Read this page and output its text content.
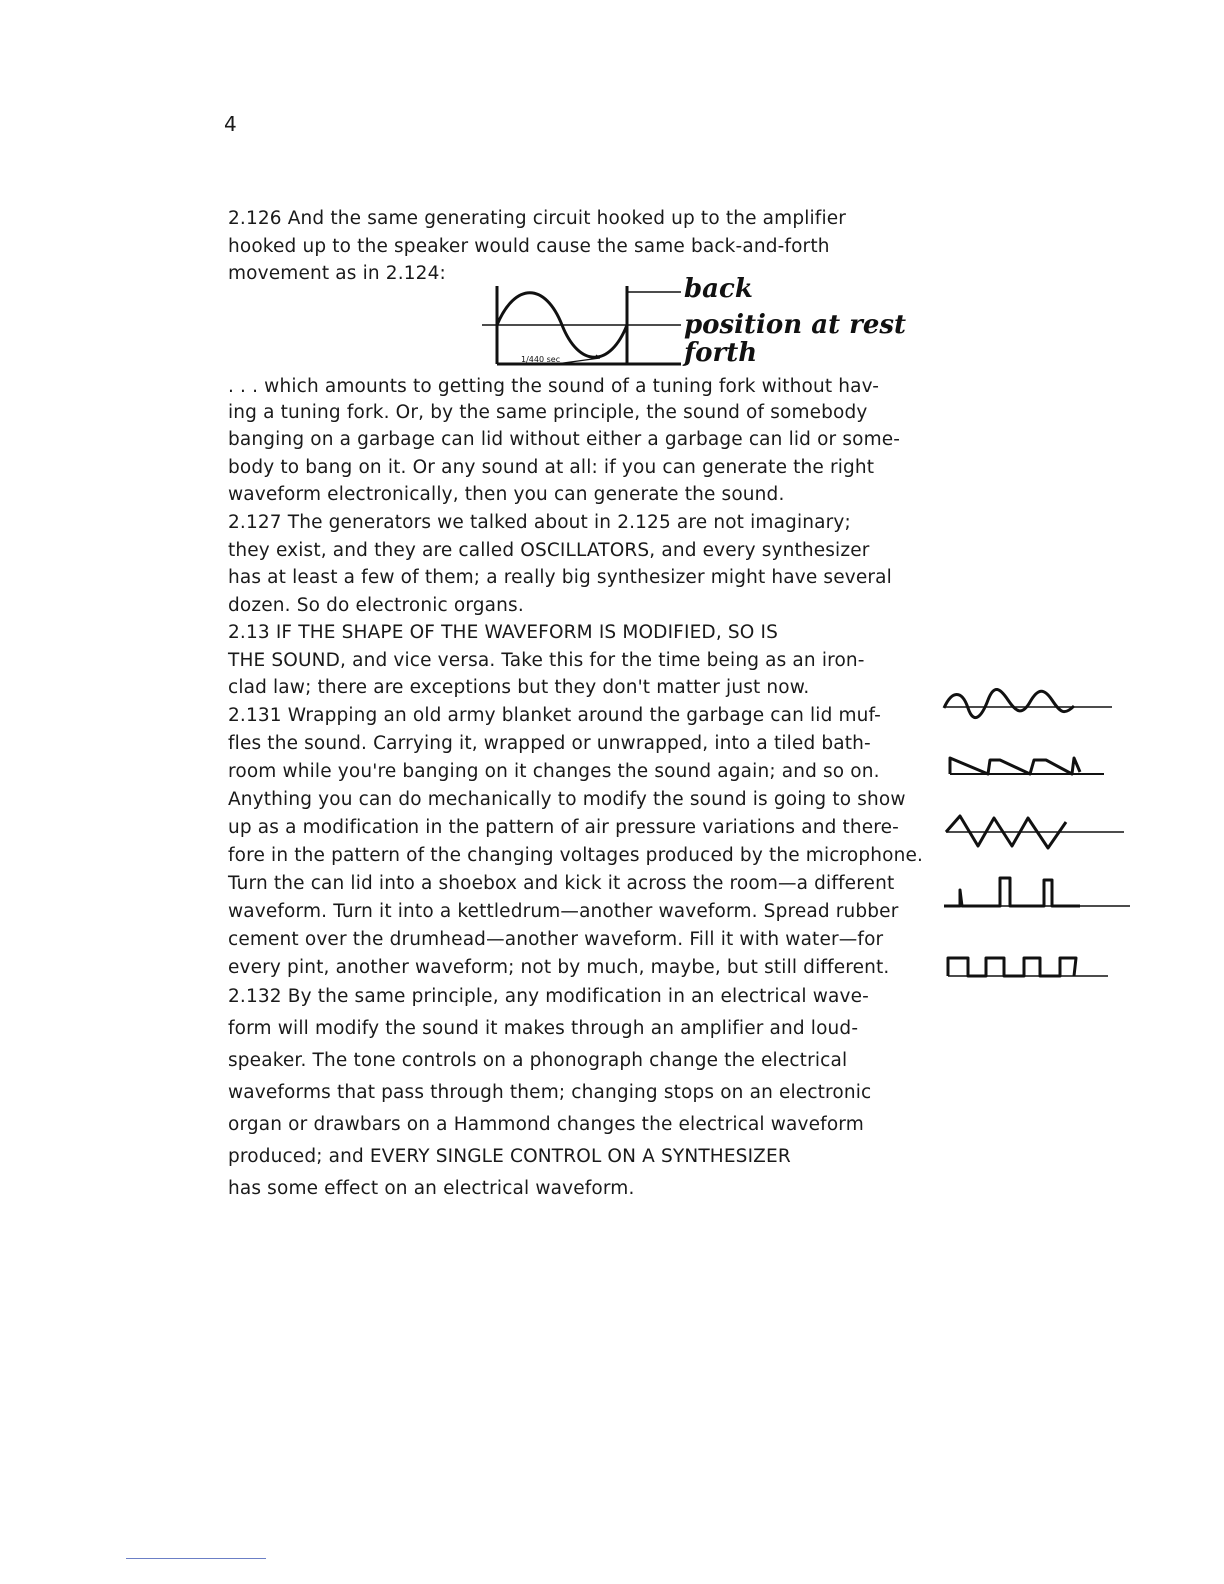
4
2.126 And the same generating circuit hooked up to the amplifier
hooked up to the speaker would cause the same back-and-forth
movement as in 2.124:
1/440 sec
back
position at rest
forth
. . . which amounts to getting the sound of a tuning fork without hav-
ing a tuning fork. Or, by the same principle, the sound of somebody
banging on a garbage can lid without either a garbage can lid or some-
body to bang on it. Or any sound at all: if you can generate the right
waveform electronically, then you can generate the sound.
2.127 The generators we talked about in 2.125 are not imaginary;
they exist, and they are called OSCILLATORS, and every synthesizer
has at least a few of them; a really big synthesizer might have several
dozen. So do electronic organs.
2.13 IF THE SHAPE OF THE WAVEFORM IS MODIFIED, SO IS
THE SOUND, and vice versa. Take this for the time being as an iron-
clad law; there are exceptions but they don't matter just now.
2.131 Wrapping an old army blanket around the garbage can lid muf-
fles the sound. Carrying it, wrapped or unwrapped, into a tiled bath-
room while you're banging on it changes the sound again; and so on.
Anything you can do mechanically to modify the sound is going to show
up as a modification in the pattern of air pressure variations and there-
fore in the pattern of the changing voltages produced by the microphone.
Turn the can lid into a shoebox and kick it across the room—a different
waveform. Turn it into a kettledrum—another waveform. Spread rubber
cement over the drumhead—another waveform. Fill it with water—for
every pint, another waveform; not by much, maybe, but still different.
2.132 By the same principle, any modification in an electrical wave-
form will modify the sound it makes through an amplifier and loud-
speaker. The tone controls on a phonograph change the electrical
waveforms that pass through them; changing stops on an electronic
organ or drawbars on a Hammond changes the electrical waveform
produced; and EVERY SINGLE CONTROL ON A SYNTHESIZER
has some effect on an electrical waveform.
